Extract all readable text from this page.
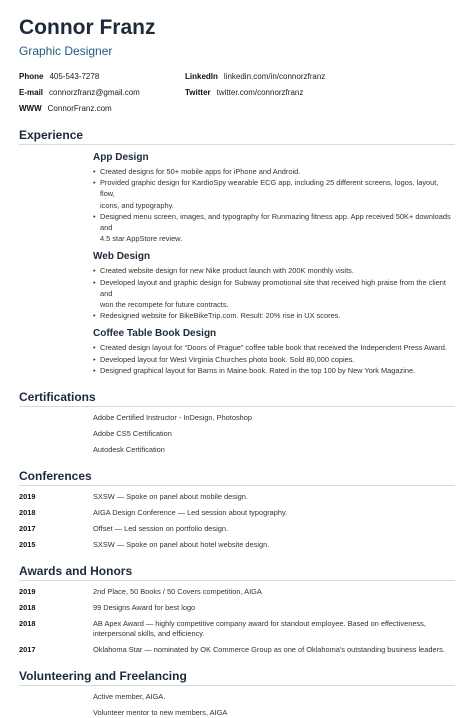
Connor Franz
Graphic Designer
Phone 405-543-7278	LinkedIn linkedin.com/in/connorzfranz
E-mail connorzfranz@gmail.com	Twitter twitter.com/connorzfranz
WWW ConnorFranz.com
Experience
App Design
• Created designs for 50+ mobile apps for iPhone and Android.
• Provided graphic design for KardioSpy wearable ECG app, including 25 different screens, logos, layout, flow,
icons, and typography.
• Designed menu screen, images, and typography for Runmazing fitness app. App received 50K+ downloads and
4.5 star AppStore review.
Web Design
• Created website design for new Nike product launch with 200K monthly visits.
• Developed layout and graphic design for Subway promotional site that received high praise from the client and
won the recompete for future contracts.
• Redesigned website for BikeBikeTrip.com. Result: 20% rise in UX scores.
Coffee Table Book Design
• Created design layout for “Doors of Prague” coffee table book that received the Independent Press Award.
• Developed layout for West Virginia Churches photo book. Sold 80,000 copies.
• Designed graphical layout for Barns in Maine book. Rated in the top 100 by New York Magazine.
Certifications
Adobe Certified Instructor - InDesign, Photoshop
Adobe CS5 Certification
Autodesk Certification
Conferences
2019	SXSW — Spoke on panel about mobile design.
2018	AIGA Design Conference — Led session about typography.
2017	Offset — Led session on portfolio design.
2015	SXSW — Spoke on panel about hotel website design.
Awards and Honors
2019	2nd Place, 50 Books / 50 Covers competition, AIGA
2018	99 Designs Award for best logo
2018	AB Apex Award — highly competitive company award for standout employee. Based on effectiveness,
interpersonal skills, and efficiency.
2017	Oklahoma Star — nominated by OK Commerce Group as one of Oklahoma's outstanding business leaders.
Volunteering and Freelancing
Active member, AIGA.
Volunteer mentor to new members, AIGA
